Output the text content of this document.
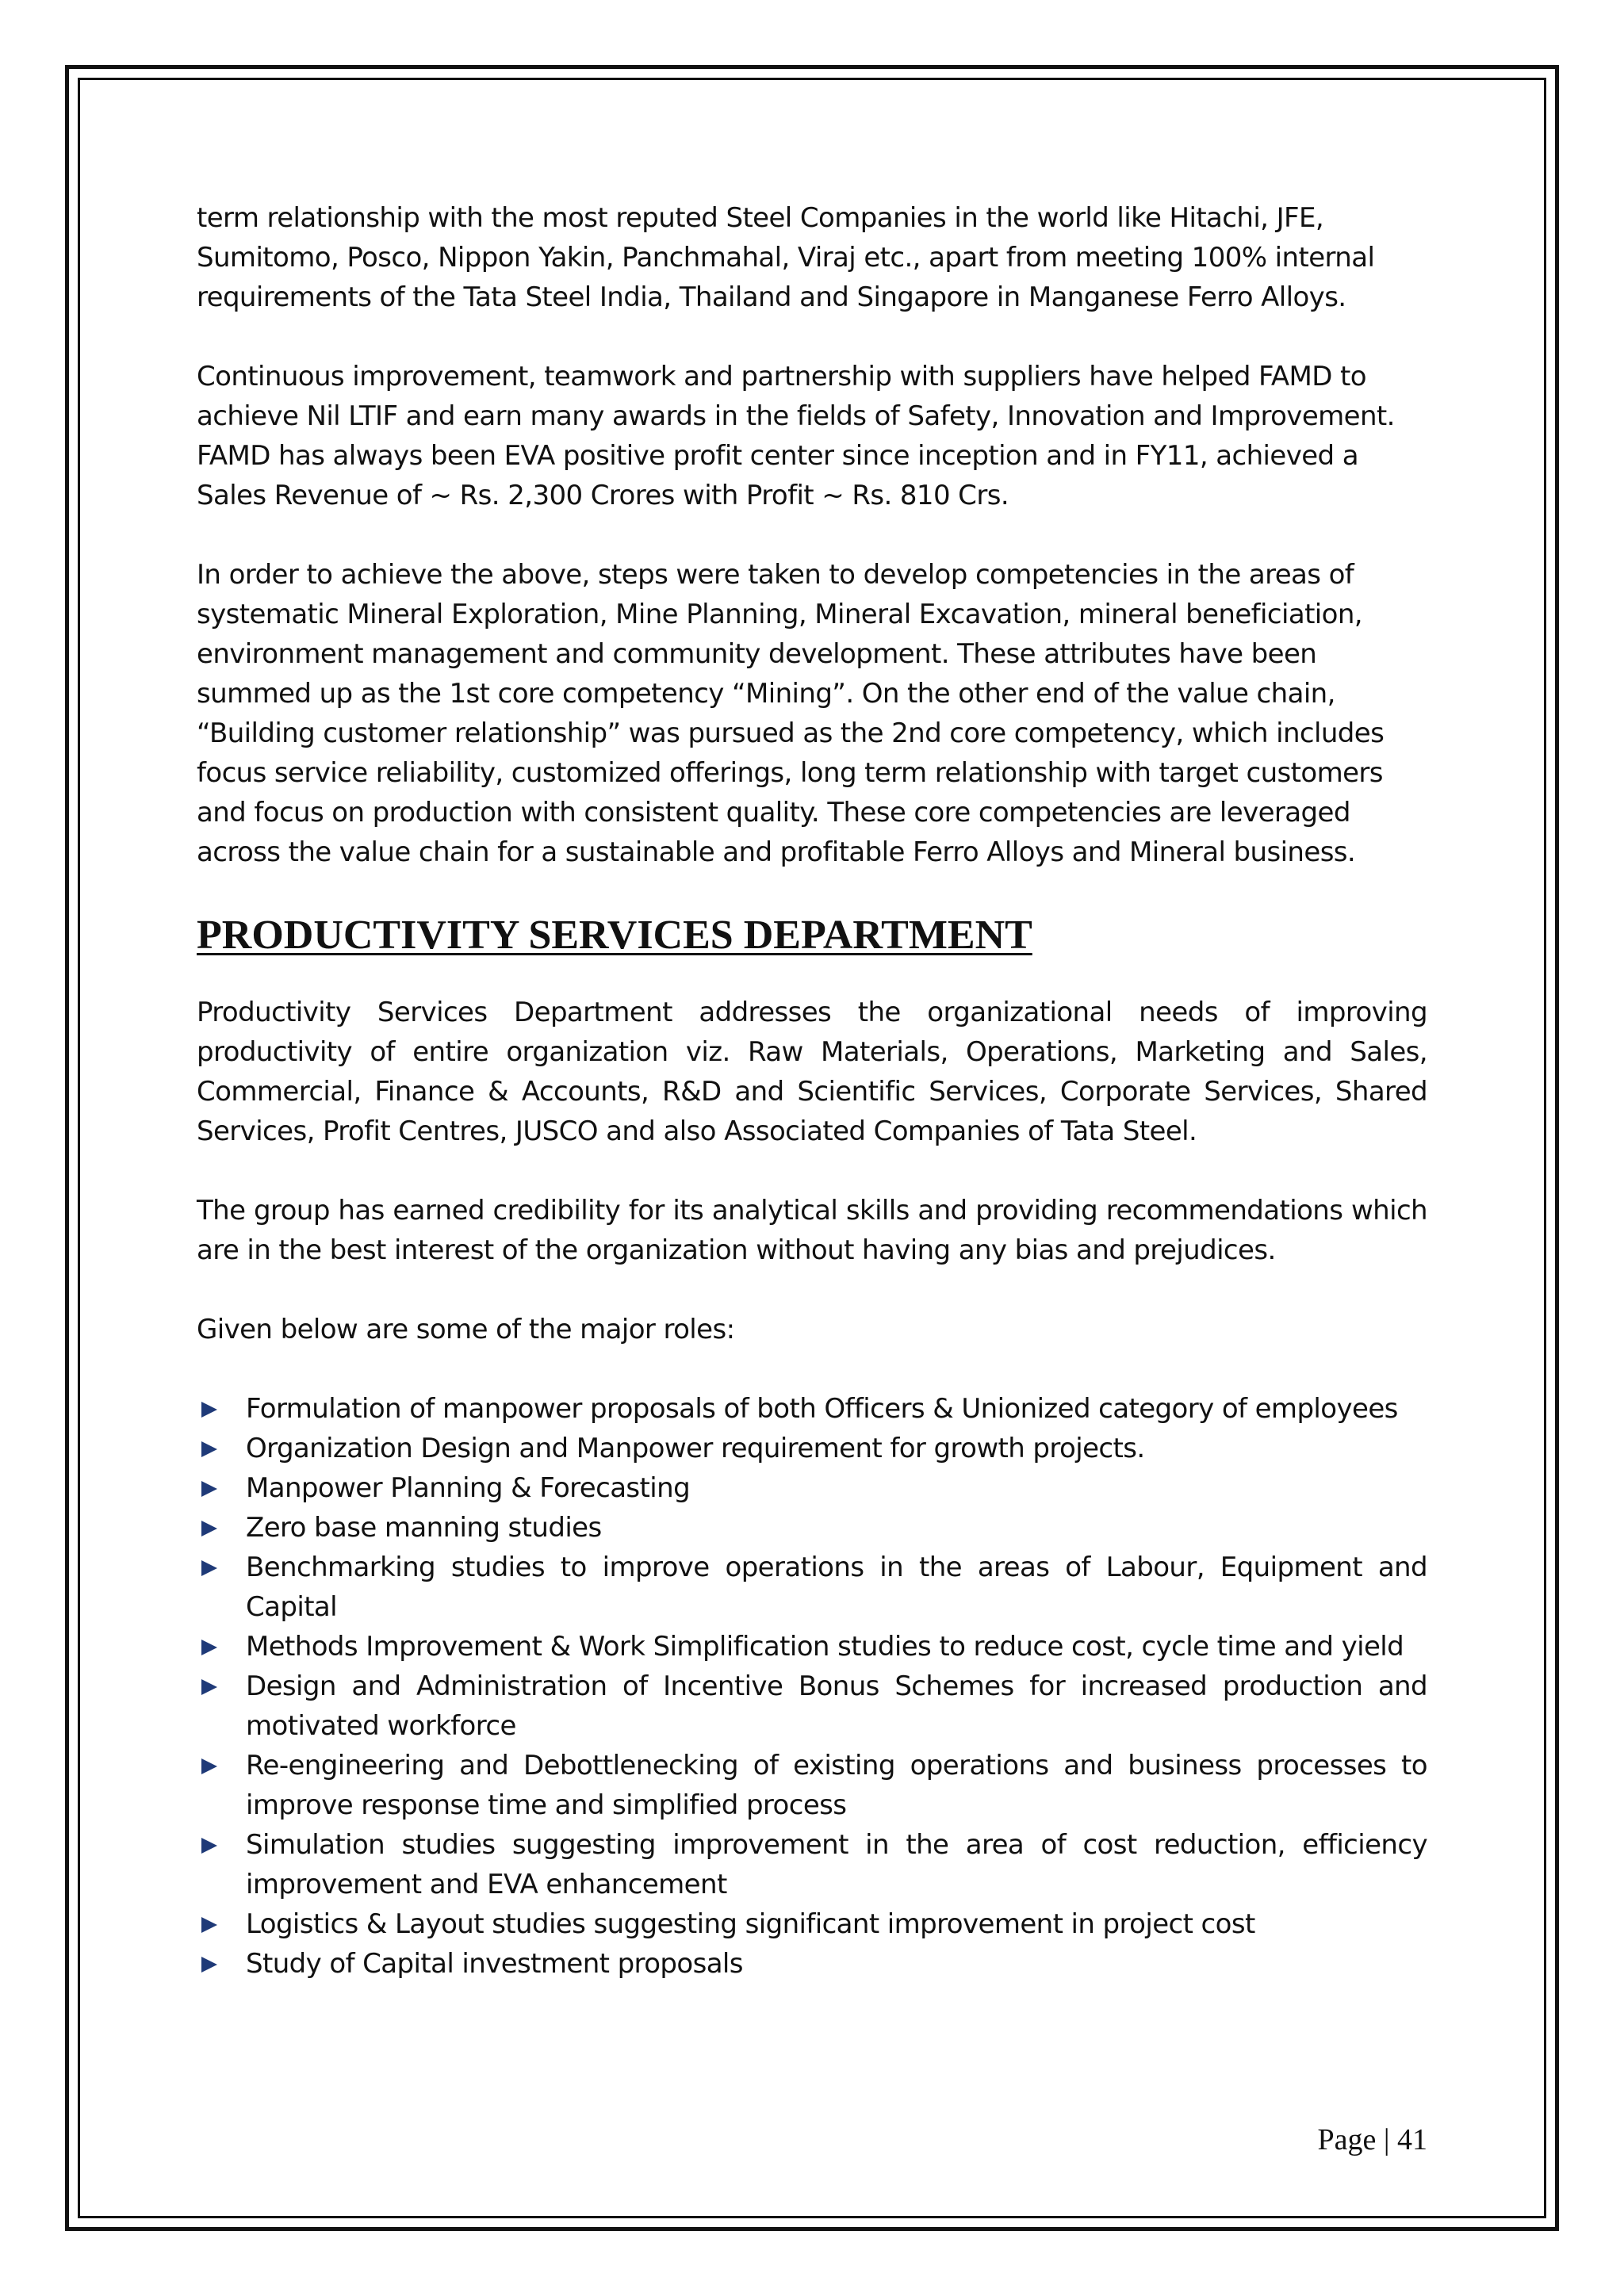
term relationship with the most reputed Steel Companies in the world like Hitachi, JFE, Sumitomo, Posco, Nippon Yakin, Panchmahal, Viraj etc., apart from meeting 100% internal requirements of the Tata Steel India, Thailand and Singapore in Manganese Ferro Alloys.

Continuous improvement, teamwork and partnership with suppliers have helped FAMD to achieve Nil LTIF and earn many awards in the fields of Safety, Innovation and Improvement. FAMD has always been EVA positive profit center since inception and in FY11, achieved a Sales Revenue of ~ Rs. 2,300 Crores with Profit ~ Rs. 810 Crs.

In order to achieve the above, steps were taken to develop competencies in the areas of systematic Mineral Exploration, Mine Planning, Mineral Excavation, mineral beneficiation, environment management and community development. These attributes have been summed up as the 1st core competency “Mining”. On the other end of the value chain, “Building customer relationship” was pursued as the 2nd core competency, which includes focus service reliability, customized offerings, long term relationship with target customers and focus on production with consistent quality. These core competencies are leveraged across the value chain for a sustainable and profitable Ferro Alloys and Mineral business.

PRODUCTIVITY SERVICES DEPARTMENT

Productivity Services Department addresses the organizational needs of improving productivity of entire organization viz. Raw Materials, Operations, Marketing and Sales, Commercial, Finance & Accounts, R&D and Scientific Services, Corporate Services, Shared Services, Profit Centres, JUSCO and also Associated Companies of Tata Steel.

The group has earned credibility for its analytical skills and providing recommendations which are in the best interest of the organization without having any bias and prejudices.

Given below are some of the major roles:

Formulation of manpower proposals of both Officers & Unionized category of employees
Organization Design and Manpower requirement for growth projects.
Manpower Planning & Forecasting
Zero base manning studies
Benchmarking studies to improve operations in the areas of Labour, Equipment and Capital
Methods Improvement & Work Simplification studies to reduce cost, cycle time and yield
Design and Administration of Incentive Bonus Schemes for increased production and motivated workforce
Re-engineering and Debottlenecking of existing operations and business processes to improve response time and simplified process
Simulation studies suggesting improvement in the area of cost reduction, efficiency improvement and EVA enhancement
Logistics & Layout studies suggesting significant improvement in project cost
Study of Capital investment proposals
Page | 41
